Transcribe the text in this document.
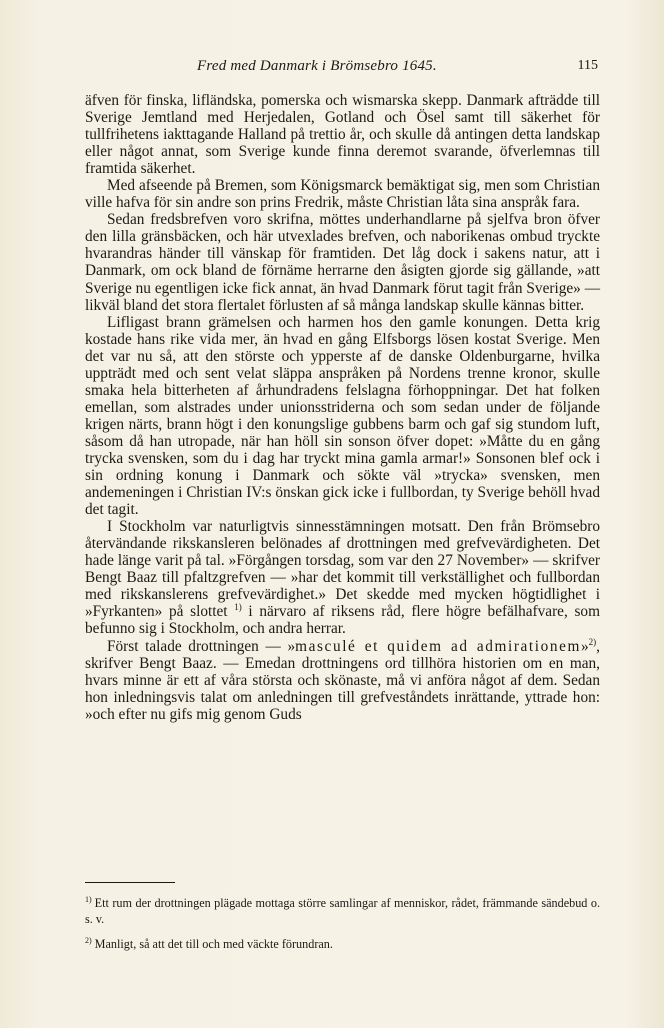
Fred med Danmark i Brömsebro 1645.	115

äfven för finska, lifländska, pomerska och wismarska skepp. Danmark afträdde till Sverige Jemtland med Herjedalen, Gotland och Ösel samt till säkerhet för tullfrihetens iakttagande Halland på trettio år, och skulle då antingen detta landskap eller något annat, som Sverige kunde finna deremot svarande, öfverlemnas till framtida säkerhet.

Med afseende på Bremen, som Königsmarck bemäktigat sig, men som Christian ville hafva för sin andre son prins Fredrik, måste Christian låta sina anspråk fara.

Sedan fredsbrefven voro skrifna, möttes underhandlarne på sjelfva bron öfver den lilla gränsbäcken, och här utvexlades brefven, och naborikenas ombud tryckte hvarandras händer till vänskap för framtiden. Det låg dock i sakens natur, att i Danmark, om ock bland de förnäme herrarne den åsigten gjorde sig gällande, »att Sverige nu egentligen icke fick annat, än hvad Danmark förut tagit från Sverige» — likväl bland det stora flertalet förlusten af så många landskap skulle kännas bitter.

Lifligast brann grämelsen och harmen hos den gamle konungen. Detta krig kostade hans rike vida mer, än hvad en gång Elfsborgs lösen kostat Sverige. Men det var nu så, att den störste och ypperste af de danske Oldenburgarne, hvilka uppträdt med och sent velat släppa anspråken på Nordens trenne kronor, skulle smaka hela bitterheten af århundradens felslagna förhoppningar. Det hat folken emellan, som alstrades under unionsstriderna och som sedan under de följande krigen närts, brann högt i den konungslige gubbens barm och gaf sig stundom luft, såsom då han utropade, när han höll sin sonson öfver dopet: »Måtte du en gång trycka svensken, som du i dag har tryckt mina gamla armar!» Sonsonen blef ock i sin ordning konung i Danmark och sökte väl »trycka» svensken, men andemeningen i Christian IV:s önskan gick icke i fullbordan, ty Sverige behöll hvad det tagit.

I Stockholm var naturligtvis sinnesstämningen motsatt. Den från Brömsebro återvändande rikskansleren belönades af drottningen med grefvevärdigheten. Det hade länge varit på tal. »Förgången torsdag, som var den 27 November» — skrifver Bengt Baaz till pfaltzgrefven — »har det kommit till verkställighet och fullbordan med rikskanslerens grefvevärdighet.» Det skedde med mycken högtidlighet i »Fyrkanten» på slottet $^{1)}$ i närvaro af riksens råd, flere högre befälhafvare, som befunno sig i Stockholm, och andra herrar.

Först talade drottningen — »masculé et quidem ad admirationem»$^{2)}$, skrifver Bengt Baaz. — Emedan drottningens ord tillhöra historien om en man, hvars minne är ett af våra största och skönaste, må vi anföra något af dem. Sedan hon inledningsvis talat om anledningen till grefveståndets inrättande, yttrade hon: »och efter nu gifs mig genom Guds

$^{1)}$ Ett rum der drottningen plägade mottaga större samlingar af menniskor, rådet, främmande sändebud o. s. v.

$^{2)}$ Manligt, så att det till och med väckte förundran.
